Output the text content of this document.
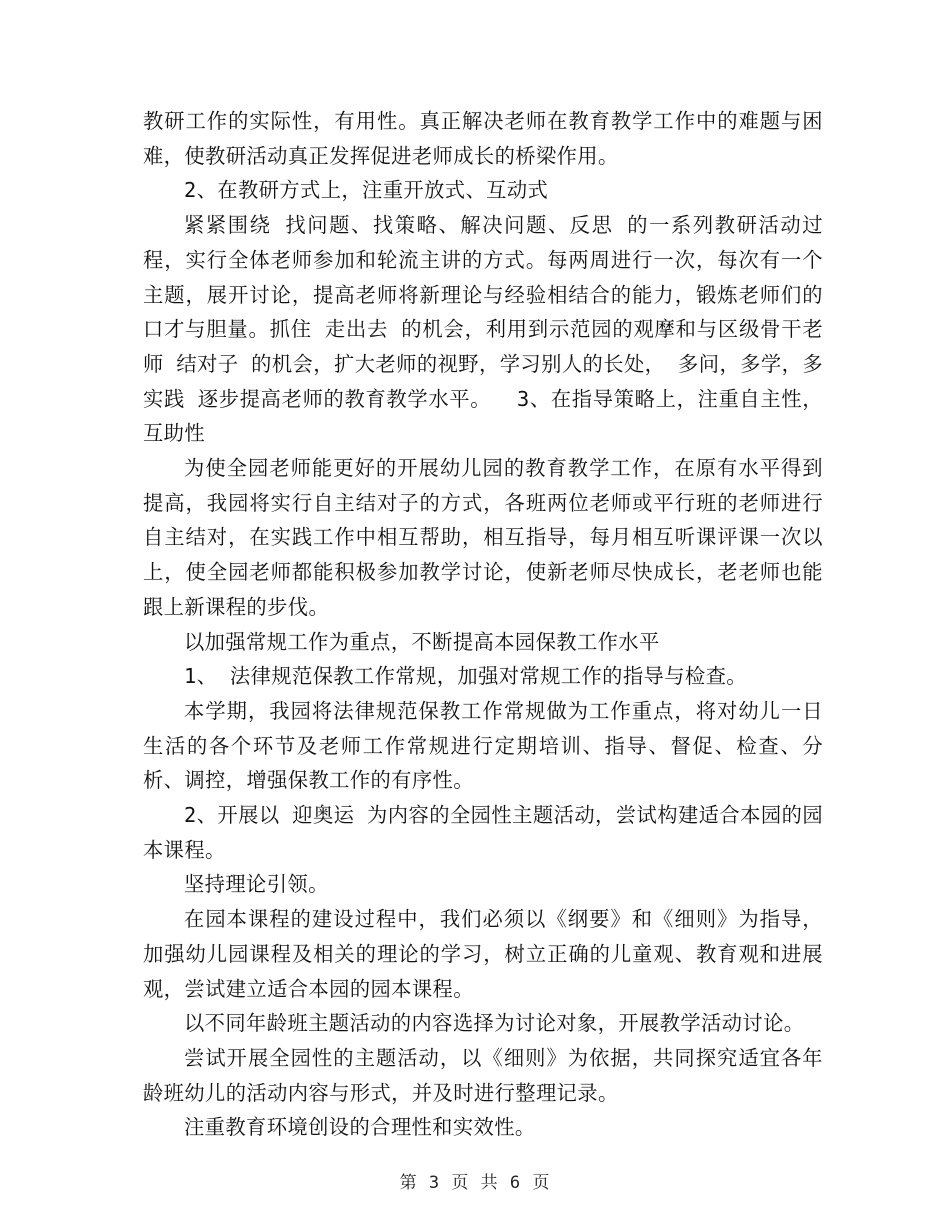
教研工作的实际性，有用性。真正解决老师在教育教学工作中的难题与困难，使教研活动真正发挥促进老师成长的桥梁作用。

2、在教研方式上，注重开放式、互动式

紧紧围绕 找问题、找策略、解决问题、反思 的一系列教研活动过程，实行全体老师参加和轮流主讲的方式。每两周进行一次，每次有一个主题，展开讨论，提高老师将新理论与经验相结合的能力，锻炼老师们的口才与胆量。抓住 走出去 的机会，利用到示范园的观摩和与区级骨干老师 结对子 的机会，扩大老师的视野，学习别人的长处， 多问，多学，多实践 逐步提高老师的教育教学水平。  3、在指导策略上，注重自主性，互助性

为使全园老师能更好的开展幼儿园的教育教学工作，在原有水平得到提高，我园将实行自主结对子的方式，各班两位老师或平行班的老师进行自主结对，在实践工作中相互帮助，相互指导，每月相互听课评课一次以上，使全园老师都能积极参加教学讨论，使新老师尽快成长，老老师也能跟上新课程的步伐。

以加强常规工作为重点，不断提高本园保教工作水平

1、 法律规范保教工作常规，加强对常规工作的指导与检查。

本学期，我园将法律规范保教工作常规做为工作重点，将对幼儿一日生活的各个环节及老师工作常规进行定期培训、指导、督促、检查、分析、调控，增强保教工作的有序性。

2、开展以 迎奥运 为内容的全园性主题活动，尝试构建适合本园的园本课程。

坚持理论引领。

在园本课程的建设过程中，我们必须以《纲要》和《细则》为指导，加强幼儿园课程及相关的理论的学习，树立正确的儿童观、教育观和进展观，尝试建立适合本园的园本课程。

以不同年龄班主题活动的内容选择为讨论对象，开展教学活动讨论。

尝试开展全园性的主题活动，以《细则》为依据，共同探究适宜各年龄班幼儿的活动内容与形式，并及时进行整理记录。

注重教育环境创设的合理性和实效性。

第 3 页 共 6 页
